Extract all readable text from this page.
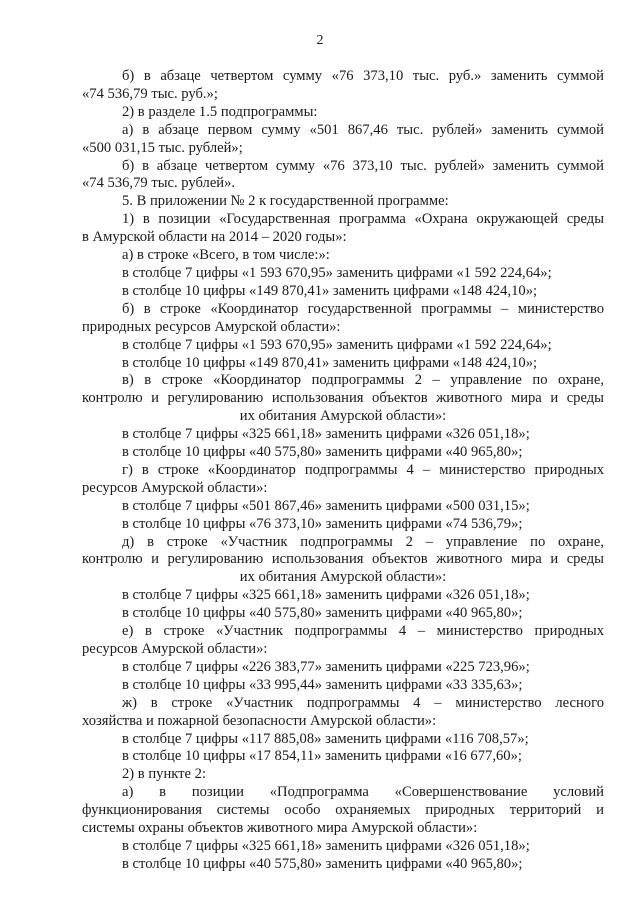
2

б) в абзаце четвертом сумму «76 373,10 тыс. руб.» заменить суммой

«74 536,79 тыс. руб.»;

2) в разделе 1.5 подпрограммы:

а) в абзаце первом сумму «501 867,46 тыс. рублей» заменить суммой

«500 031,15 тыс. рублей»;

б) в абзаце четвертом сумму «76 373,10 тыс. рублей» заменить суммой

«74 536,79 тыс. рублей».

5. В приложении № 2 к государственной программе:

1) в позиции «Государственная программа «Охрана окружающей среды

в Амурской области на 2014 – 2020 годы»:

а) в строке «Всего, в том числе:»:

в столбце 7 цифры «1 593 670,95» заменить цифрами «1 592 224,64»;

в столбце 10 цифры «149 870,41» заменить цифрами «148 424,10»;

б) в строке «Координатор государственной программы – министерство

природных ресурсов Амурской области»:

в столбце 7 цифры «1 593 670,95» заменить цифрами «1 592 224,64»;

в столбце 10 цифры «149 870,41» заменить цифрами «148 424,10»;

в) в строке «Координатор подпрограммы 2 – управление по охране,

контролю и регулированию использования объектов животного мира и среды

их обитания Амурской области»:

в столбце 7 цифры «325 661,18» заменить цифрами «326 051,18»;

в столбце 10 цифры «40 575,80» заменить цифрами «40 965,80»;

г) в строке «Координатор подпрограммы 4 – министерство природных

ресурсов Амурской области»:

в столбце 7 цифры «501 867,46» заменить цифрами «500 031,15»;

в столбце 10 цифры «76 373,10» заменить цифрами «74 536,79»;

д) в строке «Участник подпрограммы 2 – управление по охране,

контролю и регулированию использования объектов животного мира и среды

их обитания Амурской области»:

в столбце 7 цифры «325 661,18» заменить цифрами «326 051,18»;

в столбце 10 цифры «40 575,80» заменить цифрами «40 965,80»;

е) в строке «Участник подпрограммы 4 – министерство природных

ресурсов Амурской области»:

в столбце 7 цифры «226 383,77» заменить цифрами «225 723,96»;

в столбце 10 цифры «33 995,44» заменить цифрами «33 335,63»;

ж) в строке «Участник подпрограммы 4 – министерство лесного

хозяйства и пожарной безопасности Амурской области»:

в столбце 7 цифры «117 885,08» заменить цифрами «116 708,57»;

в столбце 10 цифры «17 854,11» заменить цифрами «16 677,60»;

2) в пункте 2:

а) в позиции «Подпрограмма «Совершенствование условий

функционирования системы особо охраняемых природных территорий и

системы охраны объектов животного мира Амурской области»:

в столбце 7 цифры «325 661,18» заменить цифрами «326 051,18»;

в столбце 10 цифры «40 575,80» заменить цифрами «40 965,80»;
